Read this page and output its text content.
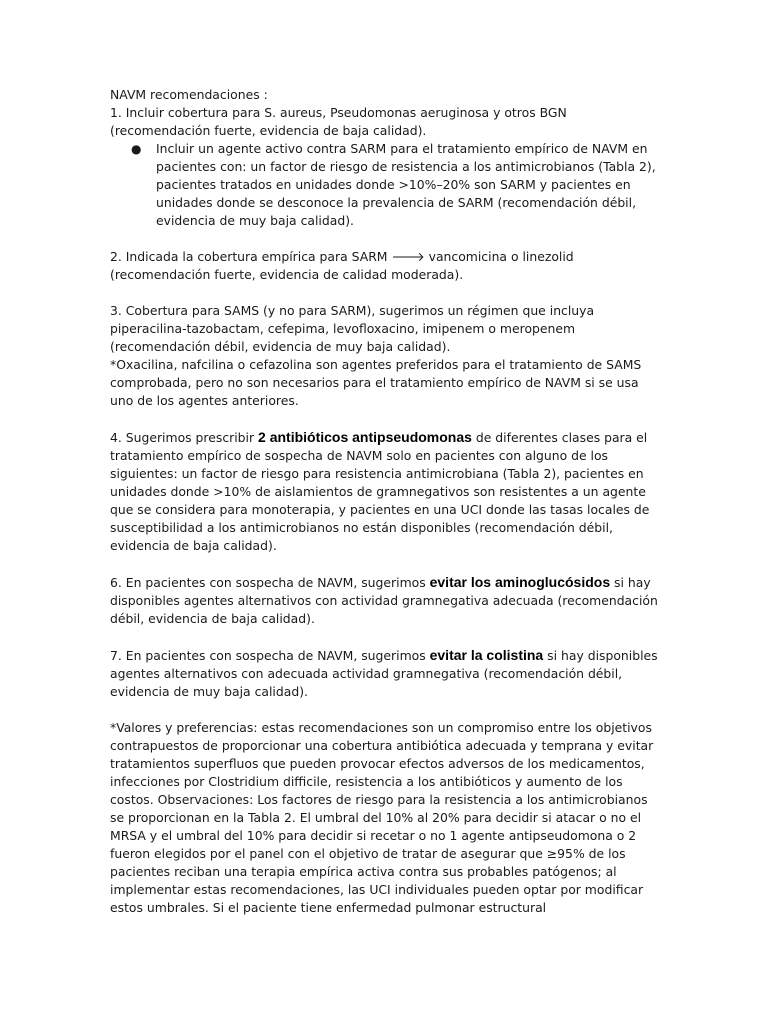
NAVM recomendaciones :

1. Incluir cobertura para S. aureus, Pseudomonas aeruginosa y otros BGN (recomendación fuerte, evidencia de baja calidad).

● Incluir un agente activo contra SARM para el tratamiento empírico de NAVM en pacientes con: un factor de riesgo de resistencia a los antimicrobianos (Tabla 2), pacientes tratados en unidades donde >10%–20% son SARM y pacientes en unidades donde se desconoce la prevalencia de SARM (recomendación débil, evidencia de muy baja calidad).

2. Indicada la cobertura empírica para SARM 🡒 vancomicina o linezolid (recomendación fuerte, evidencia de calidad moderada).

3. Cobertura para SAMS (y no para SARM), sugerimos un régimen que incluya piperacilina-tazobactam, cefepima, levofloxacino, imipenem o meropenem (recomendación débil, evidencia de muy baja calidad).

*Oxacilina, nafcilina o cefazolina son agentes preferidos para el tratamiento de SAMS comprobada, pero no son necesarios para el tratamiento empírico de NAVM si se usa uno de los agentes anteriores.

4. Sugerimos prescribir 2 antibióticos antipseudomonas de diferentes clases para el tratamiento empírico de sospecha de NAVM solo en pacientes con alguno de los siguientes: un factor de riesgo para resistencia antimicrobiana (Tabla 2), pacientes en unidades donde >10% de aislamientos de gramnegativos son resistentes a un agente que se considera para monoterapia, y pacientes en una UCI donde las tasas locales de susceptibilidad a los antimicrobianos no están disponibles (recomendación débil, evidencia de baja calidad).

6. En pacientes con sospecha de NAVM, sugerimos evitar los aminoglucósidos si hay disponibles agentes alternativos con actividad gramnegativa adecuada (recomendación débil, evidencia de baja calidad).

7. En pacientes con sospecha de NAVM, sugerimos evitar la colistina si hay disponibles agentes alternativos con adecuada actividad gramnegativa (recomendación débil, evidencia de muy baja calidad).

*Valores y preferencias: estas recomendaciones son un compromiso entre los objetivos contrapuestos de proporcionar una cobertura antibiótica adecuada y temprana y evitar tratamientos superfluos que pueden provocar efectos adversos de los medicamentos, infecciones por Clostridium difficile, resistencia a los antibióticos y aumento de los costos. Observaciones: Los factores de riesgo para la resistencia a los antimicrobianos se proporcionan en la Tabla 2. El umbral del 10% al 20% para decidir si atacar o no el MRSA y el umbral del 10% para decidir si recetar o no 1 agente antipseudomona o 2 fueron elegidos por el panel con el objetivo de tratar de asegurar que ≥95% de los pacientes reciban una terapia empírica activa contra sus probables patógenos; al implementar estas recomendaciones, las UCI individuales pueden optar por modificar estos umbrales. Si el paciente tiene enfermedad pulmonar estructural
